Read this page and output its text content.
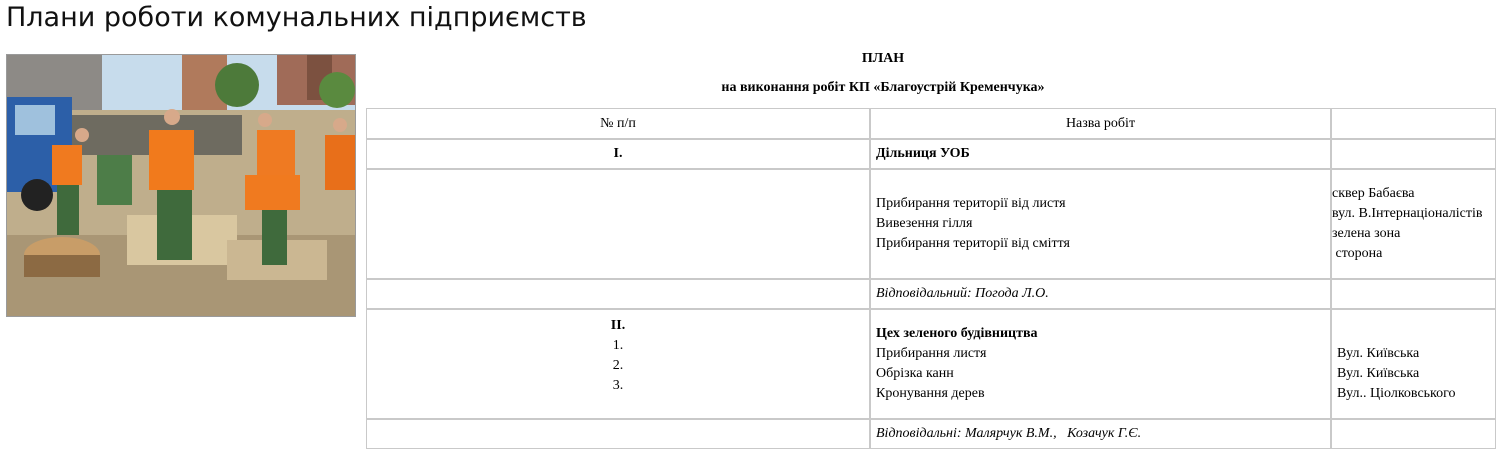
Плани роботи комунальних підприємств
ПЛАН
на виконання робіт КП «Благоустрій Кременчука»
№ п/п	Назва робіт	
І.	Дільниця УОБ	

	Прибирання території від листя
Вивезення гілля
Прибирання території від сміття	сквер Бабаєва
вул. В.Інтернаціоналістів
зелена зона
сторона

	Відповідальний: Погода Л.О.	

ІІ.
1.
2.
3.	Цех зеленого будівництва
Прибирання листя
Обрізка канн
Кронування дерев	Вул. Київська
Вул. Київська
Вул.. Ціолковського

	Відповідальні: Малярчук В.М.,   Козачук Г.Є.	
